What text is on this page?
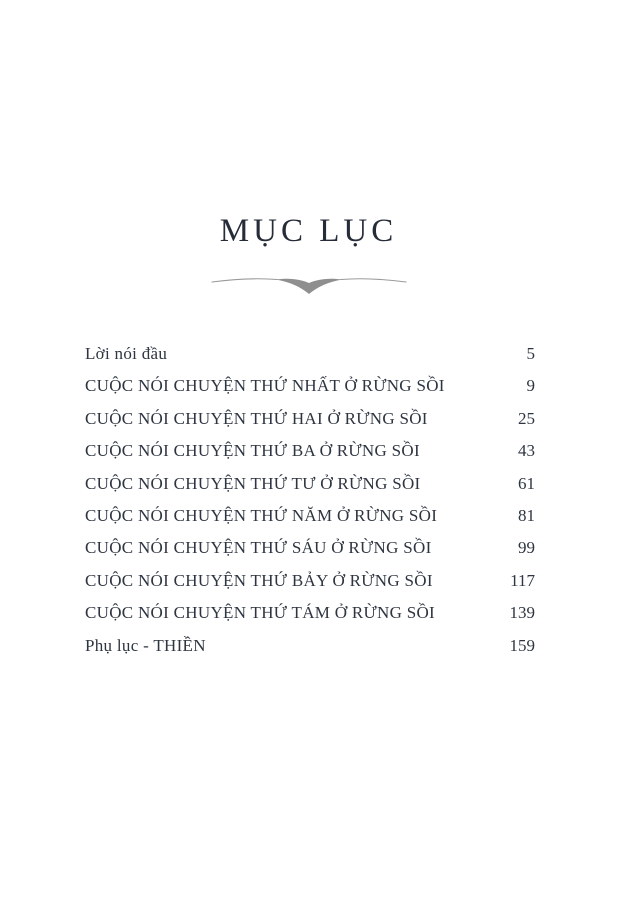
MỤC LỤC
Lời nói đầu	5
CUỘC NÓI CHUYỆN THỨ NHẤT Ở RỪNG SỒI	9
CUỘC NÓI CHUYỆN THỨ HAI Ở RỪNG SỒI	25
CUỘC NÓI CHUYỆN THỨ BA Ở RỪNG SỒI	43
CUỘC NÓI CHUYỆN THỨ TƯ Ở RỪNG SỒI	61
CUỘC NÓI CHUYỆN THỨ NĂM Ở RỪNG SỒI	81
CUỘC NÓI CHUYỆN THỨ SÁU Ở RỪNG SỒI	99
CUỘC NÓI CHUYỆN THỨ BẢY Ở RỪNG SỒI	117
CUỘC NÓI CHUYỆN THỨ TÁM Ở RỪNG SỒI	139
Phụ lục - THIỀN	159
